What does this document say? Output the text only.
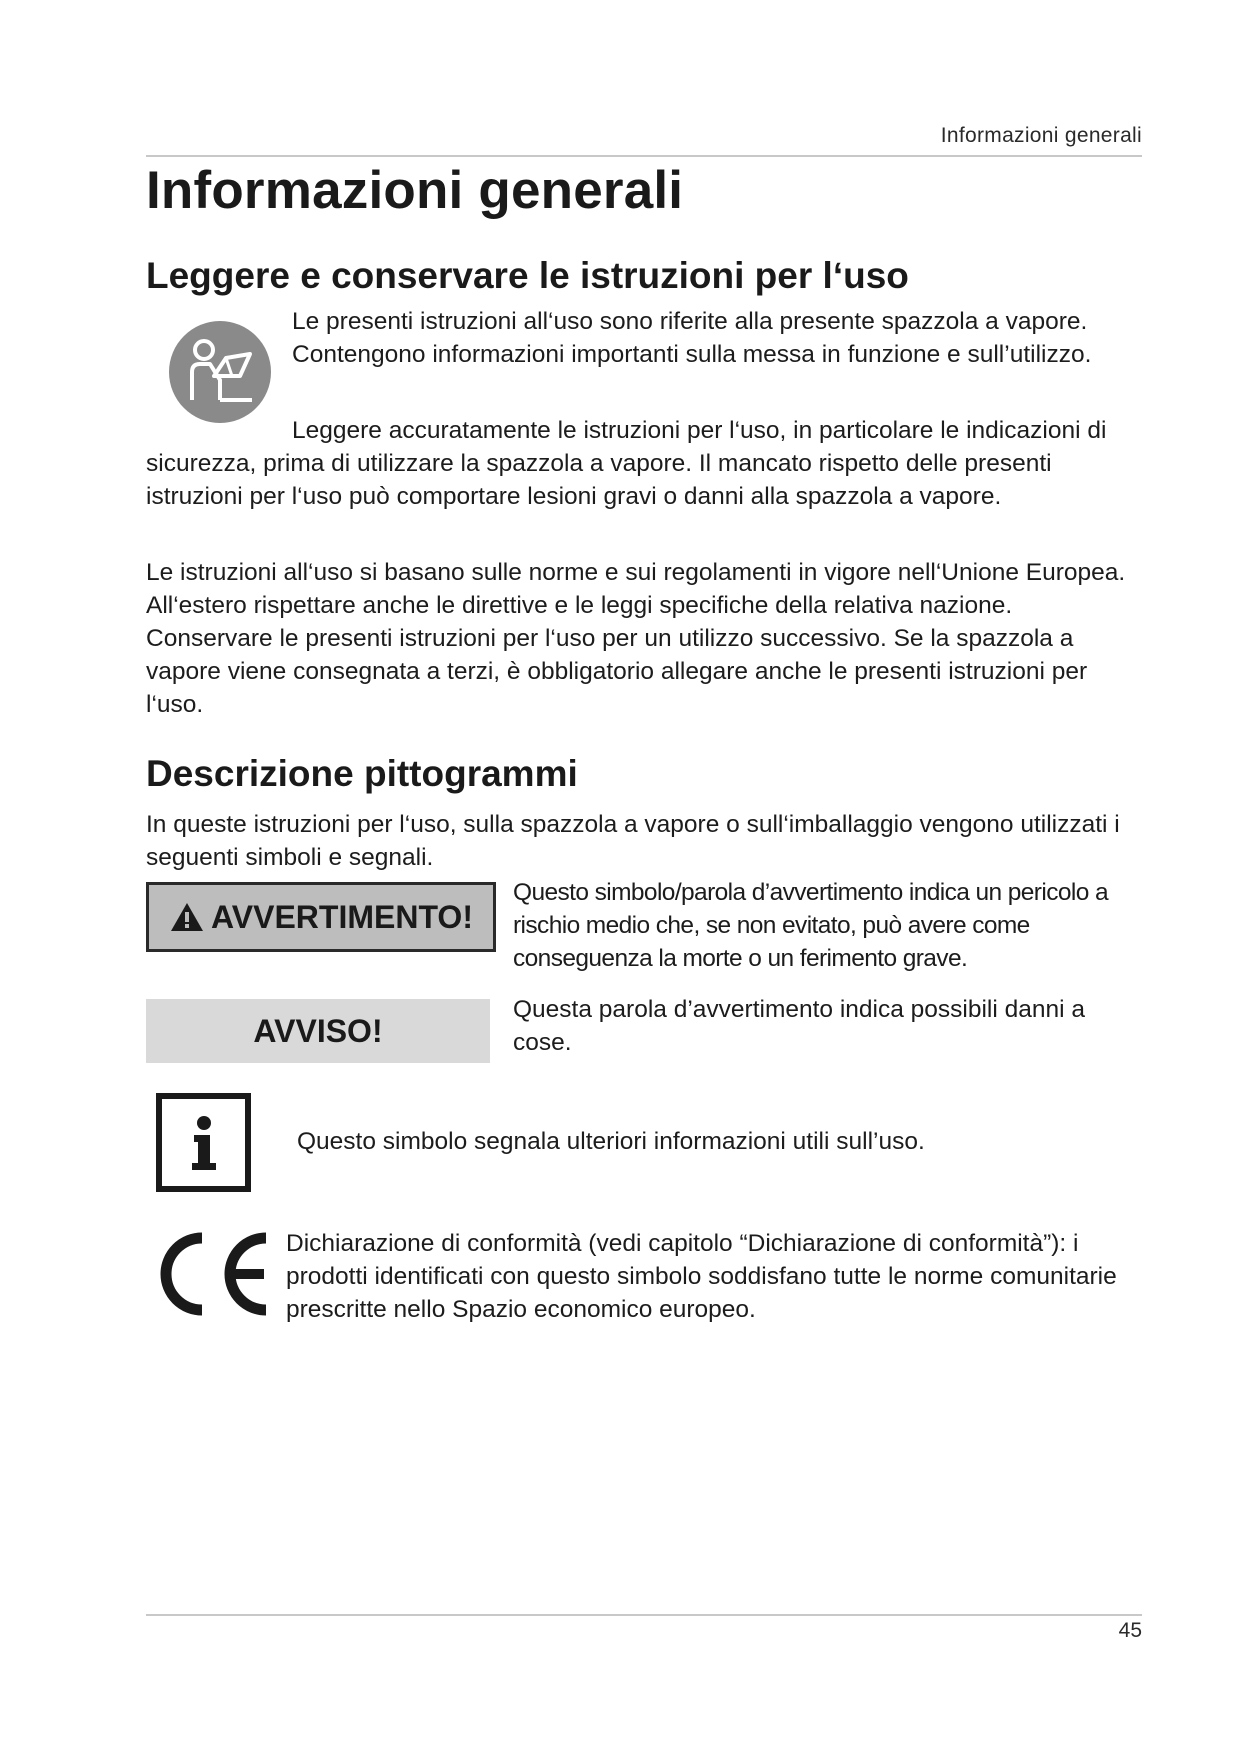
Informazioni generali
Informazioni generali
Leggere e conservare le istruzioni per l‘uso

Le presenti istruzioni all‘uso sono riferite alla presente spazzola a vapore. Contengono informazioni importanti sulla messa in funzione e sull’utilizzo.

Leggere accuratamente le istruzioni per l‘uso, in particolare le indicazioni di sicurezza, prima di utilizzare la spazzola a vapore. Il mancato rispetto delle presenti istruzioni per l‘uso può comportare lesioni gravi o danni alla spazzola a vapore.

Le istruzioni all‘uso si basano sulle norme e sui regolamenti in vigore nell‘Unione Europea. All‘estero rispettare anche le direttive e le leggi specifiche della relativa nazione. Conservare le presenti istruzioni per l‘uso per un utilizzo successivo. Se la spazzola a vapore viene consegnata a terzi, è obbligatorio allegare anche le presenti istruzioni per l‘uso.

Descrizione pittogrammi

In queste istruzioni per l‘uso, sulla spazzola a vapore o sull‘imballaggio vengono utilizzati i seguenti simboli e segnali.

AVVERTIMENTO!

Questo simbolo/parola d’avvertimento indica un pericolo a rischio medio che, se non evitato, può avere come conseguenza la morte o un ferimento grave.

AVVISO!

Questa parola d’avvertimento indica possibili danni a cose.

Questo simbolo segnala ulteriori informazioni utili sull’uso.

Dichiarazione di conformità (vedi capitolo “Dichiarazione di conformità”): i prodotti identificati con questo simbolo soddisfano tutte le norme comunitarie prescritte nello Spazio economico europeo.

45
